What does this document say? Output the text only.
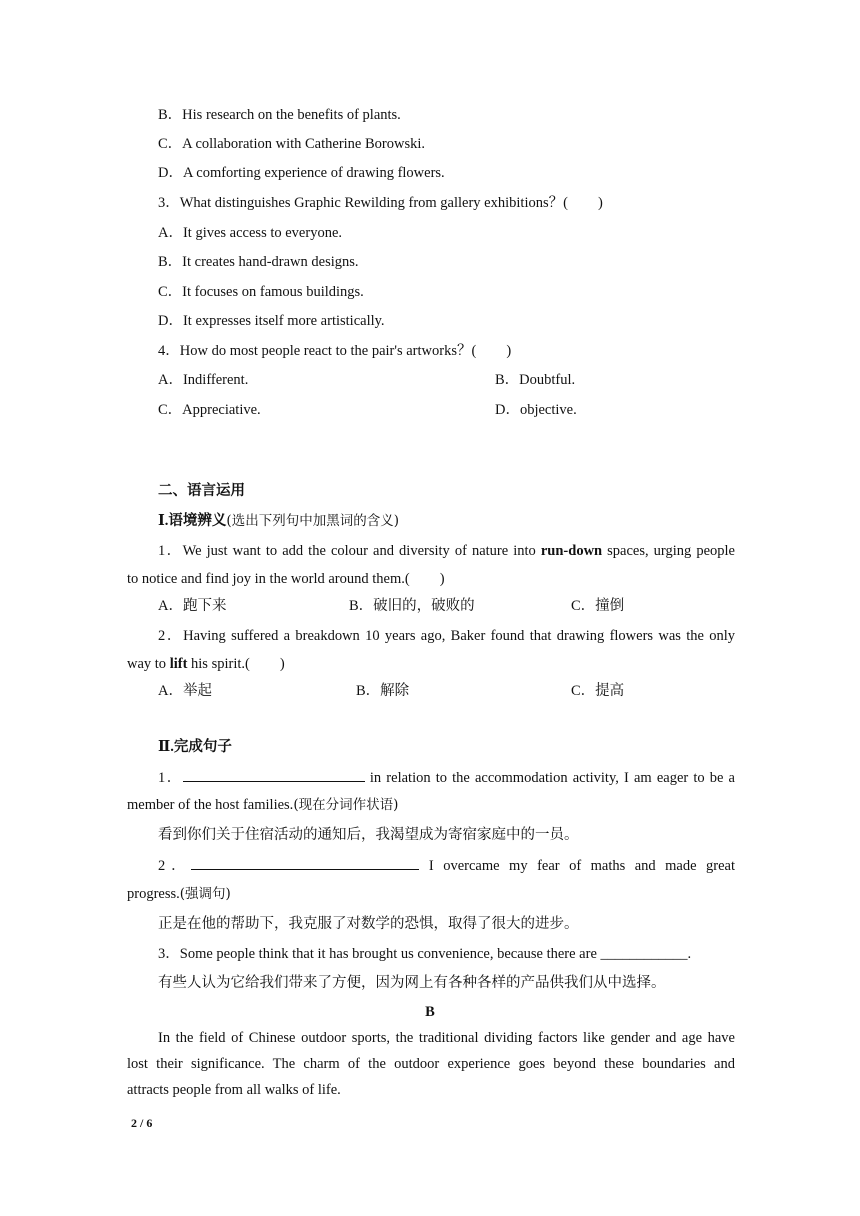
B．His research on the benefits of plants.
C．A collaboration with Catherine Borowski.
D．A comforting experience of drawing flowers.
3．What distinguishes Graphic Rewilding from gallery exhibitions？( )
A．It gives access to everyone.
B．It creates hand-drawn designs.
C．It focuses on famous buildings.
D．It expresses itself more artistically.
4．How do most people react to the pair's artworks？( )
A．Indifferent.	B．Doubtful.
C．Appreciative.	D．objective.
二、语言运用
Ⅰ.语境辨义(选出下列句中加黑词的含义)
1．We just want to add the colour and diversity of nature into run-down spaces, urging people
to notice and find joy in the world around them.( )
A．跑下来	B．破旧的，破败的	C．撞倒
2．Having suffered a breakdown 10 years ago, Baker found that drawing flowers was the only
way to lift his spirit.( )
A．举起	B．解除	C．提高
Ⅱ.完成句子
1．	in relation to the accommodation activity, I am eager to be a
member of the host families.(现在分词作状语)
看到你们关于住宿活动的通知后，我渴望成为寄宿家庭中的一员。
2．	I overcame my fear of maths and made great
progress.(强调句)
正是在他的帮助下，我克服了对数学的恐惧，取得了很大的进步。
3．Some people think that it has brought us convenience, because there are ____________.
有些人认为它给我们带来了方便，因为网上有各种各样的产品供我们从中选择。
B
In the field of Chinese outdoor sports, the traditional dividing factors like gender and age have
lost their significance. The charm of the outdoor experience goes beyond these boundaries and
attracts people from all walks of life.
2 / 6
